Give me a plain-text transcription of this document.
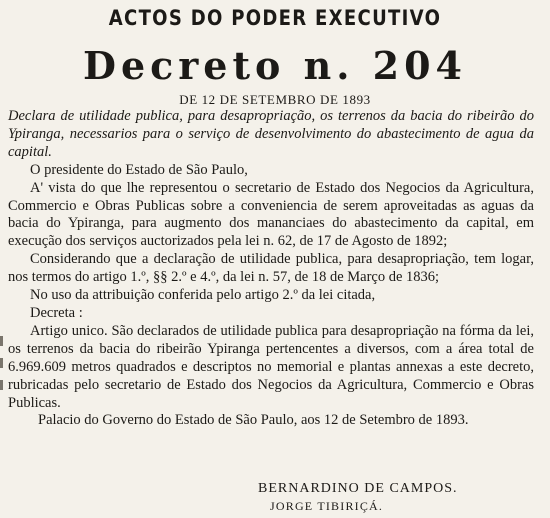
ACTOS DO PODER EXECUTIVO
Decreto n. 204
DE 12 DE SETEMBRO DE 1893

Declara de utilidade publica, para desapropriação, os terrenos da bacia do ribeirão do Ypiranga, necessarios para o serviço de desenvolvimento do abastecimento de agua da capital.

O presidente do Estado de São Paulo,

A' vista do que lhe representou o secretario de Estado dos Negocios da Agricultura, Commercio e Obras Publicas sobre a conveniencia de serem aproveitadas as aguas da bacia do Ypiranga, para augmento dos mananciaes do abastecimento da capital, em execução dos serviços auctorizados pela lei n. 62, de 17 de Agosto de 1892;

Considerando que a declaração de utilidade publica, para desapropriação, tem logar, nos termos do artigo 1.º, §§ 2.º e 4.º, da lei n. 57, de 18 de Março de 1836;

No uso da attribuição conferida pelo artigo 2.º da lei citada,

Decreta :

Artigo unico. São declarados de utilidade publica para desapropriação na fórma da lei, os terrenos da bacia do ribeirão Ypiranga pertencentes a diversos, com a área total de 6.969.609 metros quadrados e descriptos no memorial e plantas annexas a este decreto, rubricadas pelo secretario de Estado dos Negocios da Agricultura, Commercio e Obras Publicas.

Palacio do Governo do Estado de São Paulo, aos 12 de Setembro de 1893.

BERNARDINO DE CAMPOS.
JORGE TIBIRIÇÁ.
